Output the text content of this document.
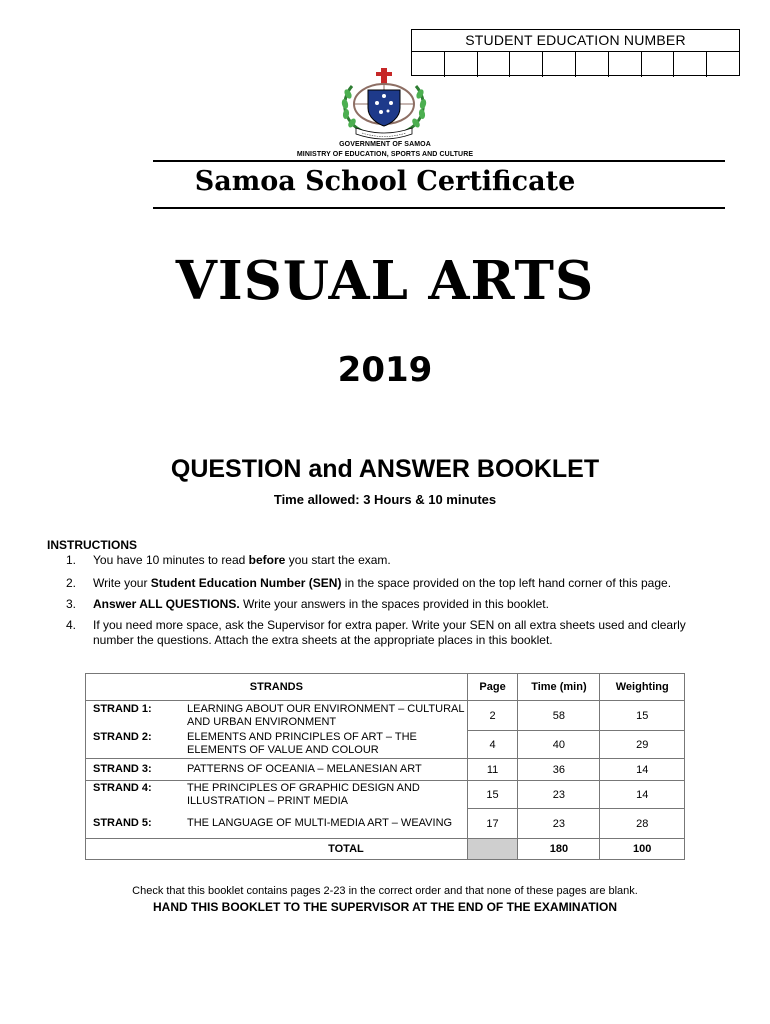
STUDENT EDUCATION NUMBER
GOVERNMENT OF SAMOA
MINISTRY OF EDUCATION, SPORTS AND CULTURE
Samoa School Certificate
VISUAL ARTS
2019
QUESTION and ANSWER BOOKLET
Time allowed: 3 Hours & 10 minutes
INSTRUCTIONS
1.	You have 10 minutes to read before you start the exam.
2.	Write your Student Education Number (SEN) in the space provided on the top left hand corner of this page.
3.	Answer ALL QUESTIONS. Write your answers in the spaces provided in this booklet.
4.	If you need more space, ask the Supervisor for extra paper. Write your SEN on all extra sheets used and clearly number the questions. Attach the extra sheets at the appropriate places in this booklet.
STRANDS	Page	Time (min)	Weighting

STRAND 1: LEARNING ABOUT OUR ENVIRONMENT – CULTURAL AND URBAN ENVIRONMENT	2	58	15

STRAND 2: ELEMENTS AND PRINCIPLES OF ART – THE ELEMENTS OF VALUE AND COLOUR	4	40	29

STRAND 3: PATTERNS OF OCEANIA – MELANESIAN ART	11	36	14

STRAND 4: THE PRINCIPLES OF GRAPHIC DESIGN AND ILLUSTRATION – PRINT MEDIA	15	23	14

STRAND 5: THE LANGUAGE OF MULTI-MEDIA ART – WEAVING	17	23	28
TOTAL		180	100
Check that this booklet contains pages 2-23 in the correct order and that none of these pages are blank.
HAND THIS BOOKLET TO THE SUPERVISOR AT THE END OF THE EXAMINATION
